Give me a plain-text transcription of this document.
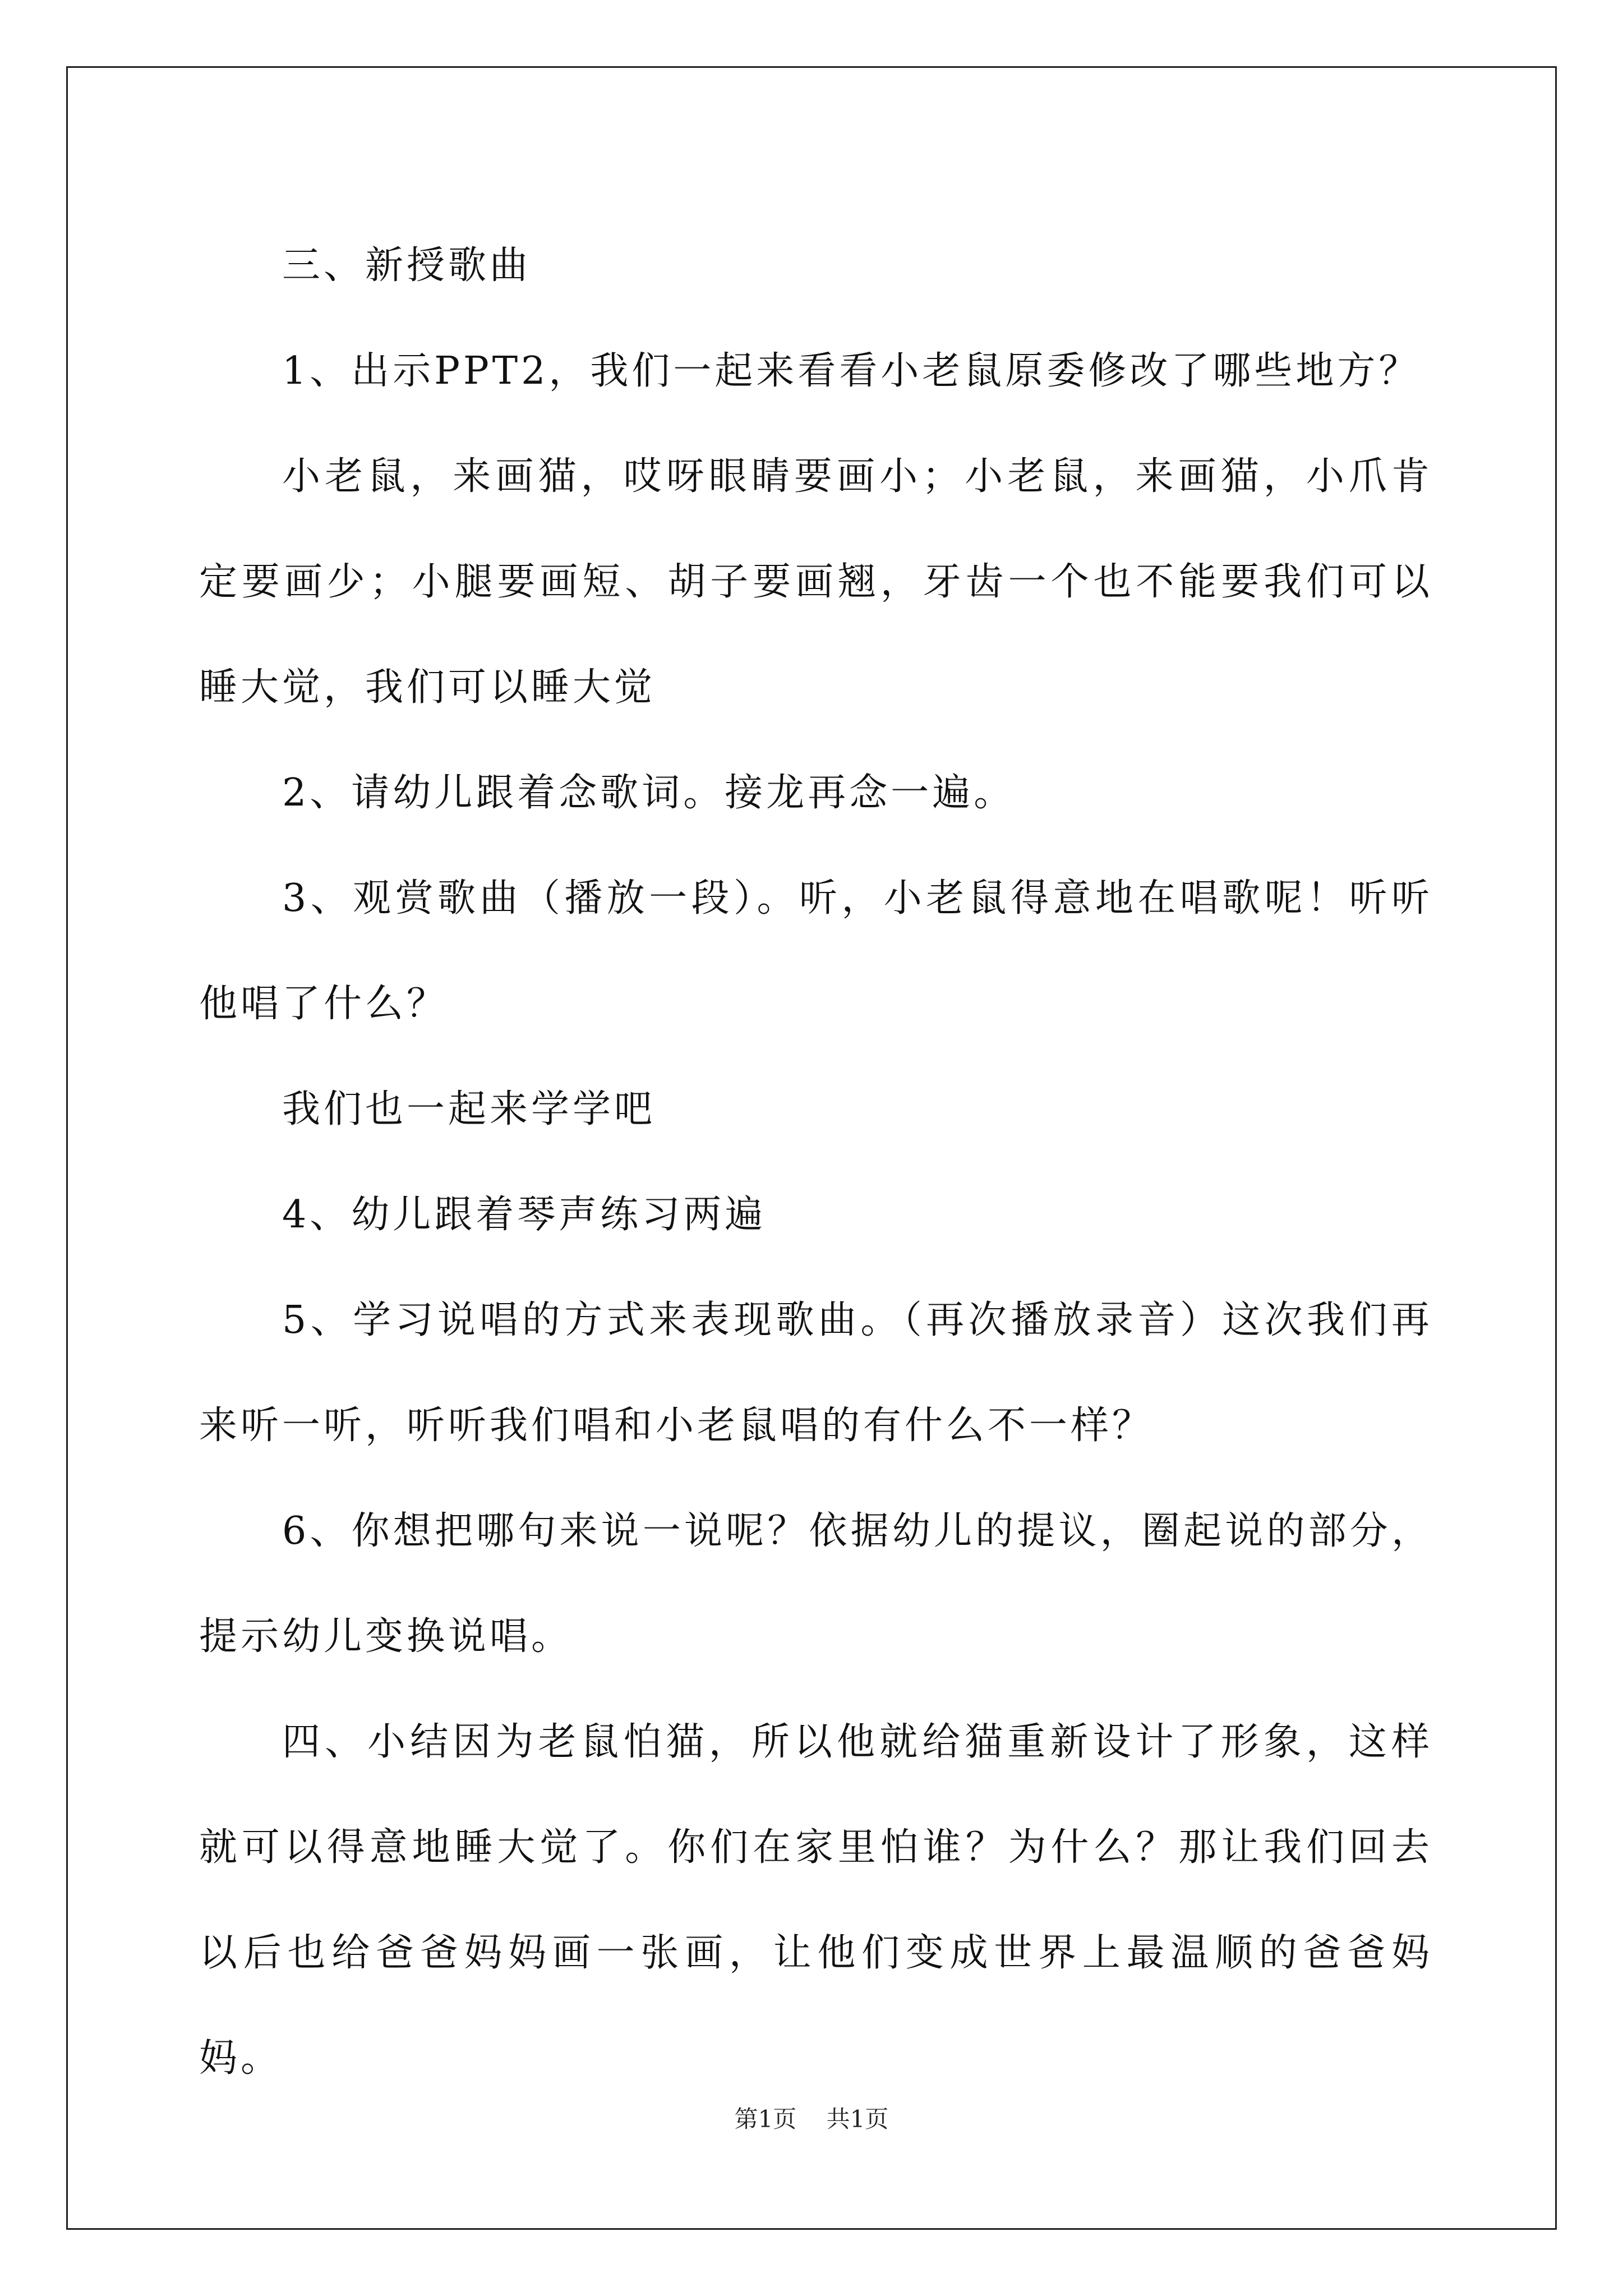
三、新授歌曲

1、出示PPT2，我们一起来看看小老鼠原委修改了哪些地方？

小老鼠，来画猫，哎呀眼睛要画小；小老鼠，来画猫，小爪肯定要画少；小腿要画短、胡子要画翘，牙齿一个也不能要我们可以睡大觉，我们可以睡大觉

2、请幼儿跟着念歌词。接龙再念一遍。

3、观赏歌曲（播放一段）。听，小老鼠得意地在唱歌呢！听听他唱了什么？

我们也一起来学学吧

4、幼儿跟着琴声练习两遍

5、学习说唱的方式来表现歌曲。（再次播放录音）这次我们再来听一听，听听我们唱和小老鼠唱的有什么不一样？

6、你想把哪句来说一说呢？依据幼儿的提议，圈起说的部分，提示幼儿变换说唱。

四、小结因为老鼠怕猫，所以他就给猫重新设计了形象，这样就可以得意地睡大觉了。你们在家里怕谁？为什么？那让我们回去以后也给爸爸妈妈画一张画，让他们变成世界上最温顺的爸爸妈妈。

第1页 共1页
